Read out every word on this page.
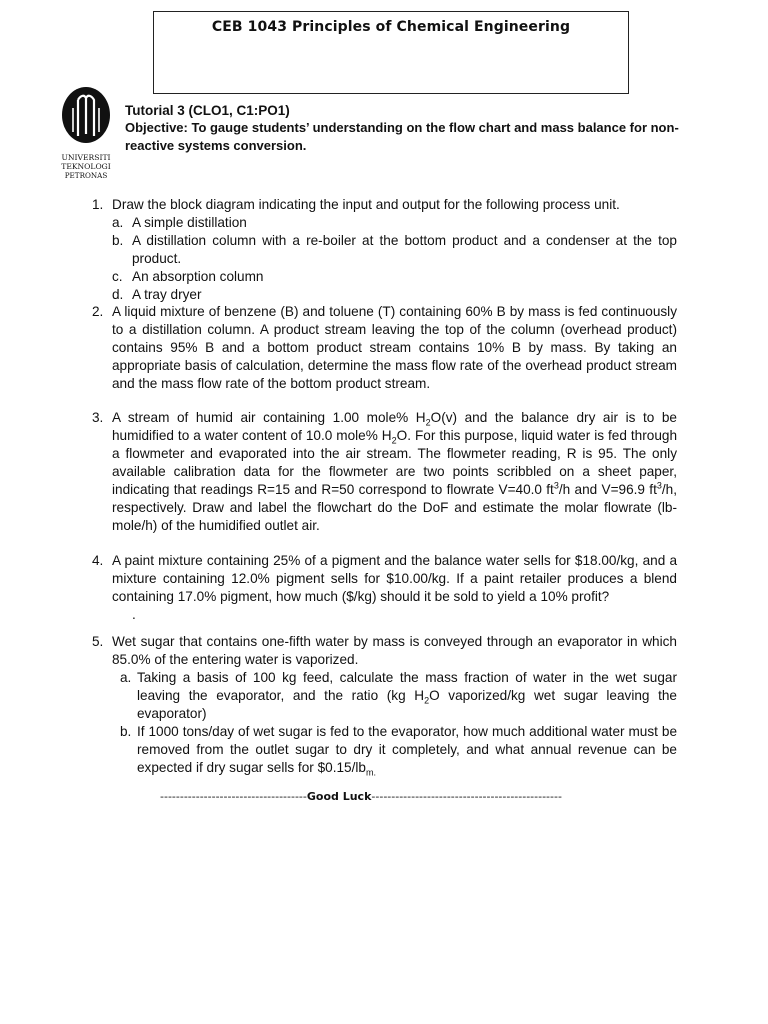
CEB 1043 Principles of Chemical Engineering
UNIVERSITI
TEKNOLOGI
PETRONAS
Tutorial 3 (CLO1, C1:PO1)
Objective: To gauge students’ understanding on the flow chart and mass balance for non-reactive systems conversion.
1. Draw the block diagram indicating the input and output for the following process unit.

a. A simple distillation
b. A distillation column with a re-boiler at the bottom product and a condenser at the top product.
c. An absorption column
d. A tray dryer
2. A liquid mixture of benzene (B) and toluene (T) containing 60% B by mass is fed continuously to a distillation column. A product stream leaving the top of the column (overhead product) contains 95% B and a bottom product stream contains 10% B by mass. By taking an appropriate basis of calculation, determine the mass flow rate of the overhead product stream and the mass flow rate of the bottom product stream.

3. A stream of humid air containing 1.00 mole% $H_2O(v)$ and the balance dry air is to be humidified to a water content of 10.0 mole% $H_2O$. For this purpose, liquid water is fed through a flowmeter and evaporated into the air stream. The flowmeter reading, R is 95. The only available calibration data for the flowmeter are two points scribbled on a sheet paper, indicating that readings R=15 and R=50 correspond to flowrate V=40.0 $ft^3/h$ and V=96.9 $ft^3/h$, respectively. Draw and label the flowchart do the DoF and estimate the molar flowrate (lb-mole/h) of the humidified outlet air.

4. A paint mixture containing 25% of a pigment and the balance water sells for $18.00/kg, and a mixture containing 12.0% pigment sells for $10.00/kg. If a paint retailer produces a blend containing 17.0% pigment, how much ($/kg) should it be sold to yield a 10% profit?

.
5. Wet sugar that contains one-fifth water by mass is conveyed through an evaporator in which 85.0% of the entering water is vaporized.

a. Taking a basis of 100 kg feed, calculate the mass fraction of water in the wet sugar leaving the evaporator, and the ratio (kg $H_2O$ vaporized/kg wet sugar leaving the evaporator)
b. If 1000 tons/day of wet sugar is fed to the evaporator, how much additional water must be removed from the outlet sugar to dry it completely, and what annual revenue can be expected if dry sugar sells for $\$0.15/lb_{m.}$
-------------------------------------Good Luck------------------------------------------------
